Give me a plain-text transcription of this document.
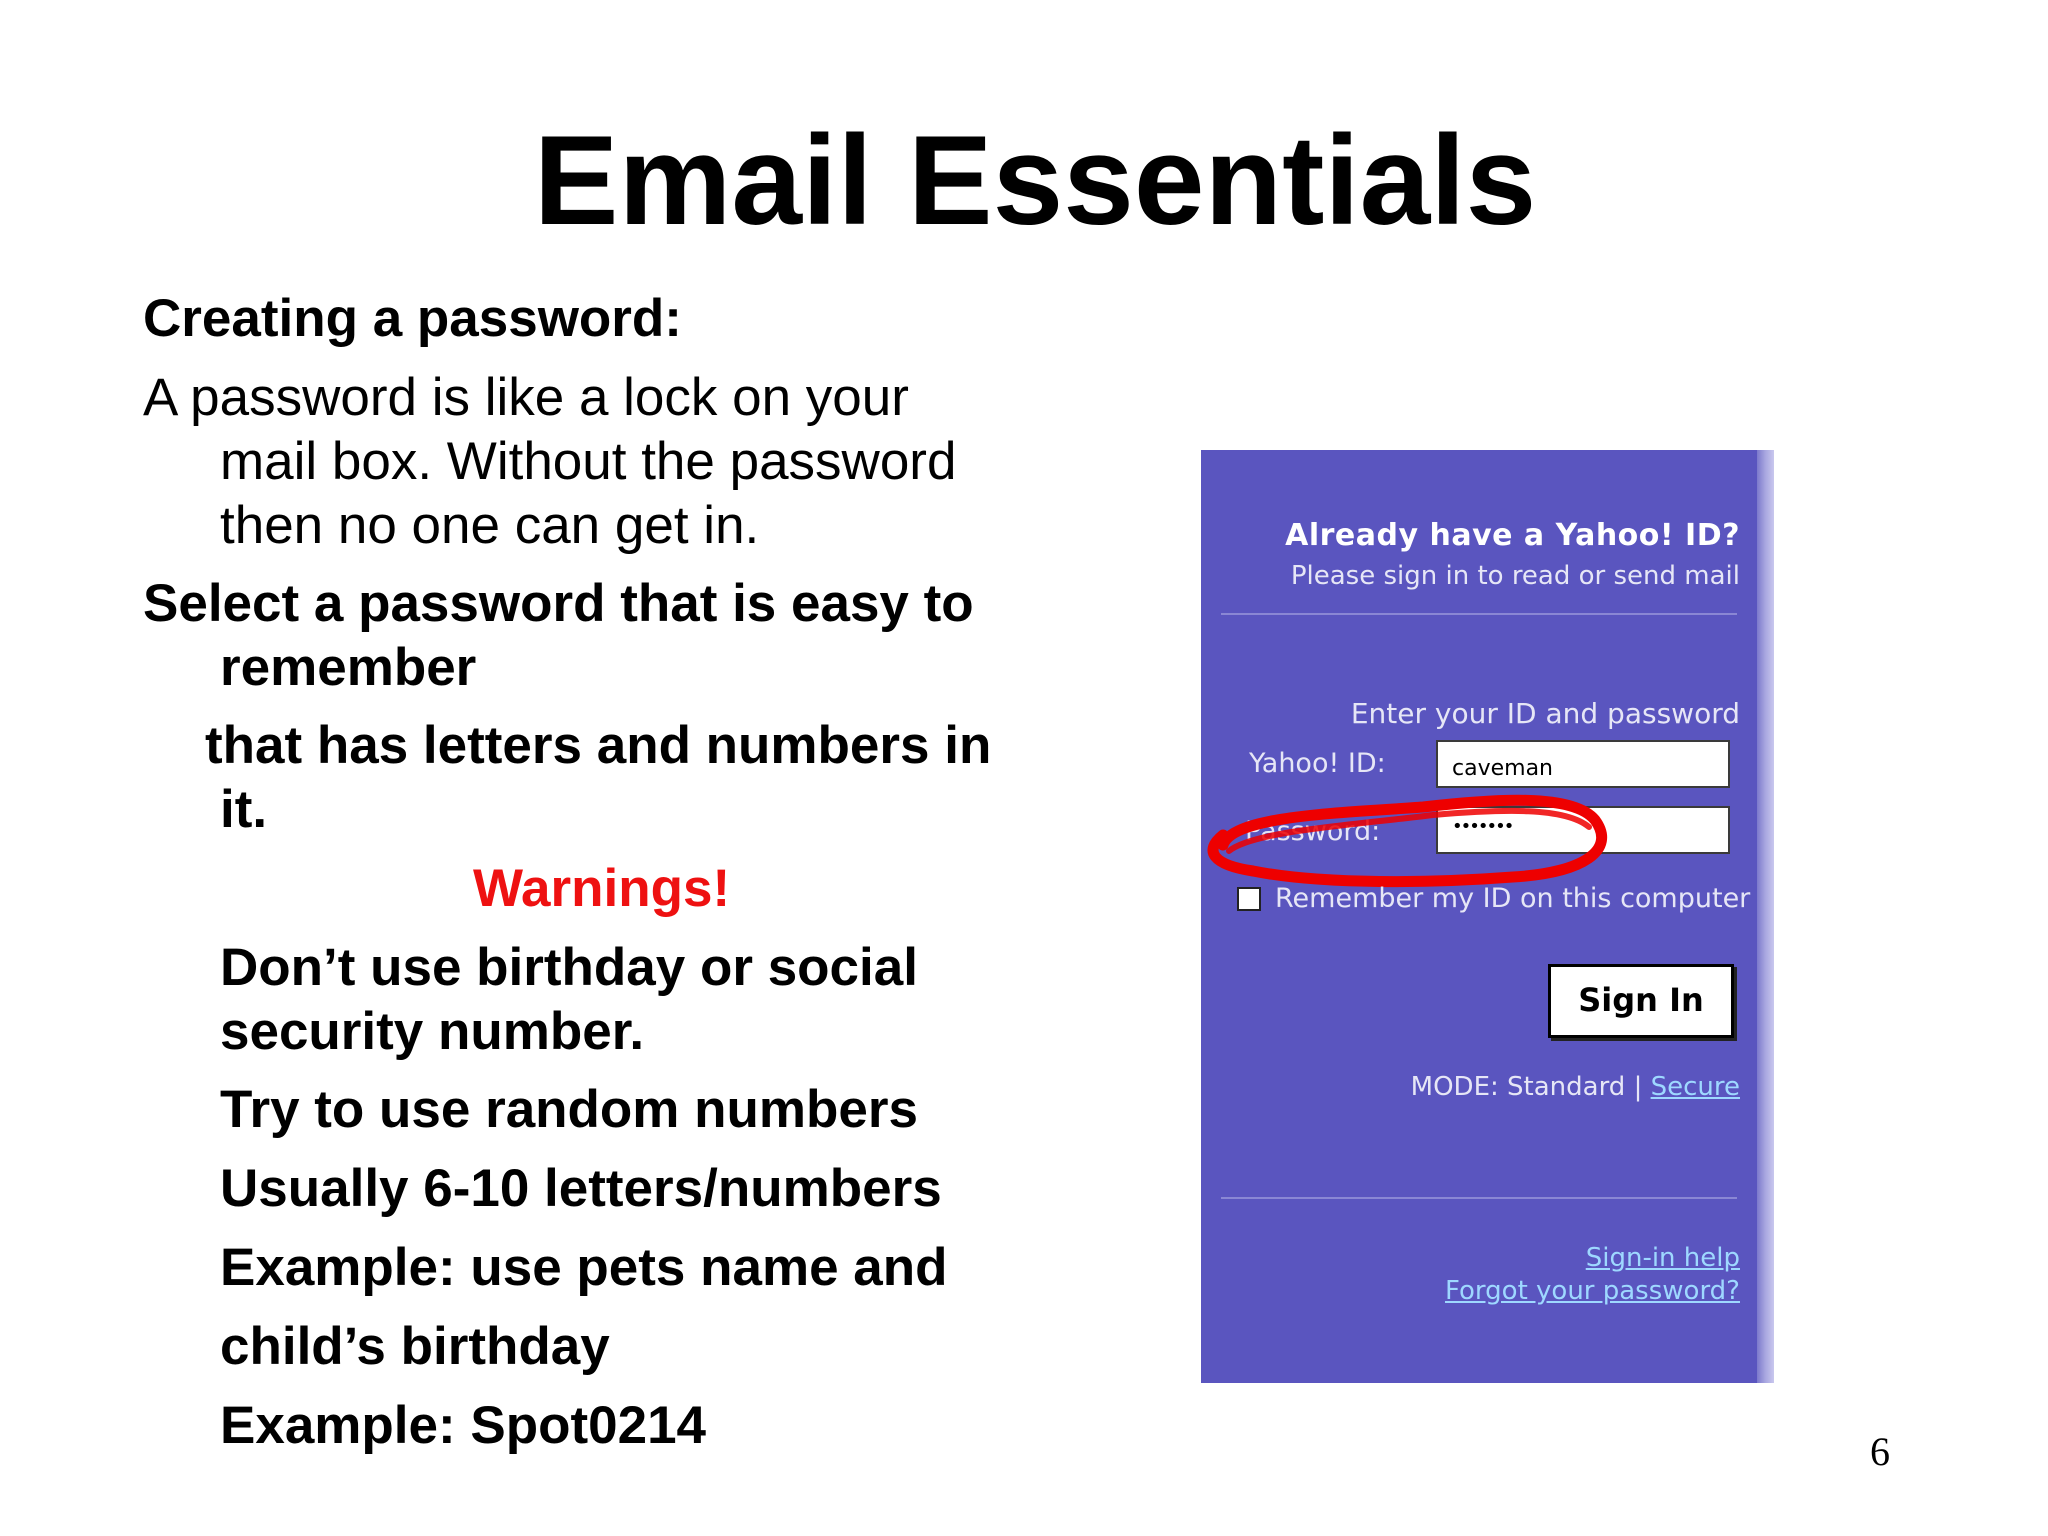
Email Essentials
Creating a password:
A password is like a lock on your
mail box. Without the password
then no one can get in.
Select a password that is easy to
remember
that has letters and numbers in
it.
Warnings!
Don’t use birthday or social
security number.
Try to use random numbers
Usually 6-10 letters/numbers
Example: use pets name and
child’s birthday
Example: Spot0214
Already have a Yahoo! ID?
Please sign in to read or send mail
Enter your ID and password
Yahoo! ID:	caveman
Password:	•••••••
Remember my ID on this computer
Sign In
MODE: Standard | Secure
Sign-in help
Forgot your password?
6
